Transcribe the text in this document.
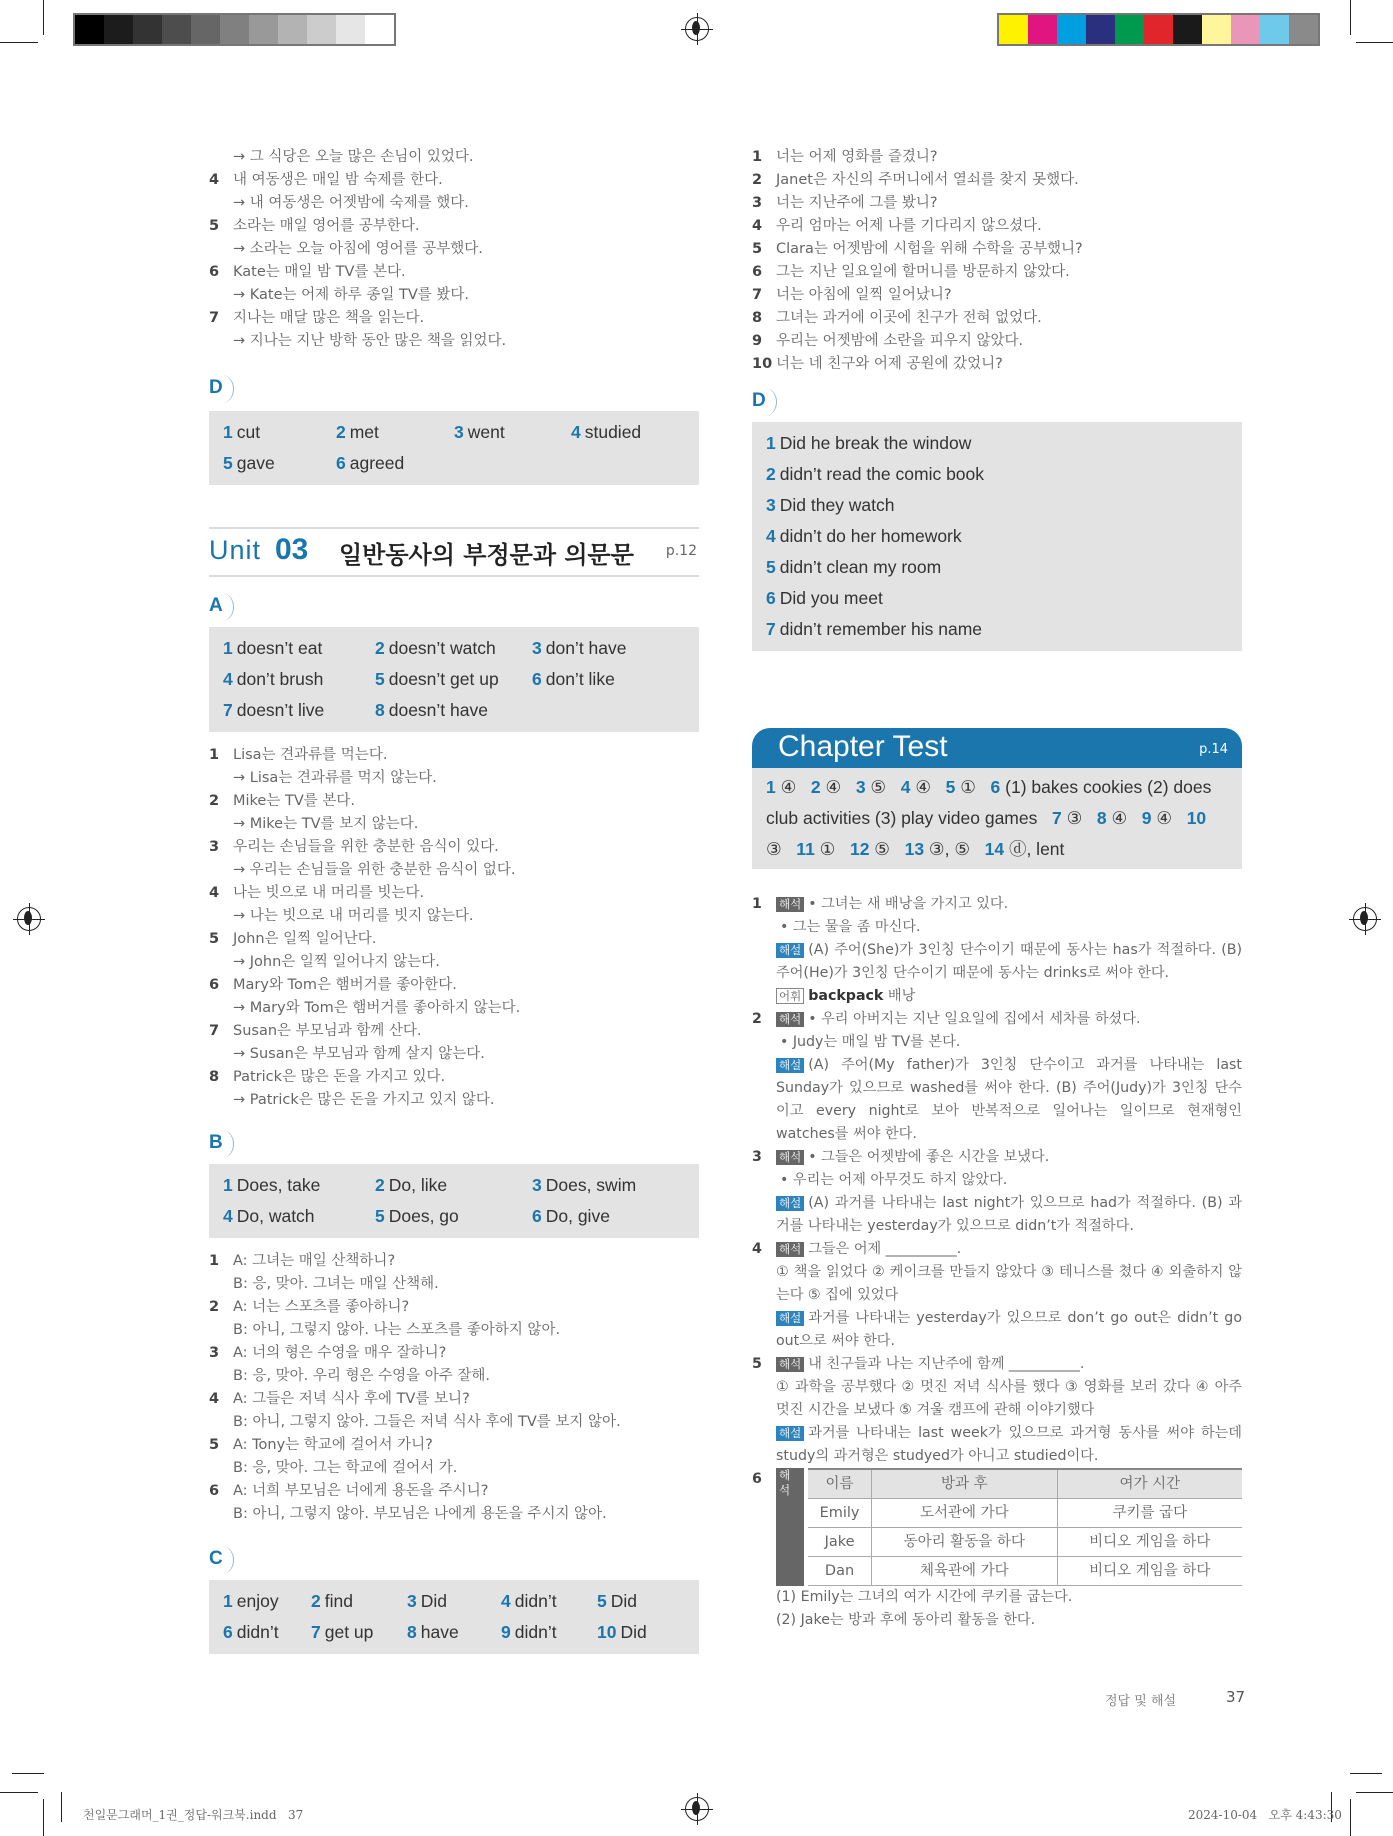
→ 그 식당은 오늘 많은 손님이 있었다.
4 내 여동생은 매일 밤 숙제를 한다.
→ 내 여동생은 어젯밤에 숙제를 했다.
5 소라는 매일 영어를 공부한다.
→ 소라는 오늘 아침에 영어를 공부했다.
6 Kate는 매일 밤 TV를 본다.
→ Kate는 어제 하루 종일 TV를 봤다.
7 지나는 매달 많은 책을 읽는다.
→ 지나는 지난 방학 동안 많은 책을 읽었다.
D
1 cut	2 met	3 went	4 studied
5 gave	6 agreed
Unit 03 일반동사의 부정문과 의문문 p.12
A
1 doesn’t eat	2 doesn’t watch	3 don’t have
4 don’t brush	5 doesn’t get up	6 don’t like
7 doesn’t live	8 doesn’t have
1 Lisa는 견과류를 먹는다.
→ Lisa는 견과류를 먹지 않는다.
2 Mike는 TV를 본다.
→ Mike는 TV를 보지 않는다.
3 우리는 손님들을 위한 충분한 음식이 있다.
→ 우리는 손님들을 위한 충분한 음식이 없다.
4 나는 빗으로 내 머리를 빗는다.
→ 나는 빗으로 내 머리를 빗지 않는다.
5 John은 일찍 일어난다.
→ John은 일찍 일어나지 않는다.
6 Mary와 Tom은 햄버거를 좋아한다.
→ Mary와 Tom은 햄버거를 좋아하지 않는다.
7 Susan은 부모님과 함께 산다.
→ Susan은 부모님과 함께 살지 않는다.
8 Patrick은 많은 돈을 가지고 있다.
→ Patrick은 많은 돈을 가지고 있지 않다.
B
1 Does, take	2 Do, like	3 Does, swim
4 Do, watch	5 Does, go	6 Do, give
1 A: 그녀는 매일 산책하니?
B: 응, 맞아. 그녀는 매일 산책해.
2 A: 너는 스포츠를 좋아하니?
B: 아니, 그렇지 않아. 나는 스포츠를 좋아하지 않아.
3 A: 너의 형은 수영을 매우 잘하니?
B: 응, 맞아. 우리 형은 수영을 아주 잘해.
4 A: 그들은 저녁 식사 후에 TV를 보니?
B: 아니, 그렇지 않아. 그들은 저녁 식사 후에 TV를 보지 않아.
5 A: Tony는 학교에 걸어서 가니?
B: 응, 맞아. 그는 학교에 걸어서 가.
6 A: 너희 부모님은 너에게 용돈을 주시니?
B: 아니, 그렇지 않아. 부모님은 나에게 용돈을 주시지 않아.
C
1 enjoy	2 find	3 Did	4 didn’t	5 Did
6 didn’t	7 get up	8 have	9 didn’t	10 Did
1 너는 어제 영화를 즐겼니?
2 Janet은 자신의 주머니에서 열쇠를 찾지 못했다.
3 너는 지난주에 그를 봤니?
4 우리 엄마는 어제 나를 기다리지 않으셨다.
5 Clara는 어젯밤에 시험을 위해 수학을 공부했니?
6 그는 지난 일요일에 할머니를 방문하지 않았다.
7 너는 아침에 일찍 일어났니?
8 그녀는 과거에 이곳에 친구가 전혀 없었다.
9 우리는 어젯밤에 소란을 피우지 않았다.
10 너는 네 친구와 어제 공원에 갔었니?
D
1 Did he break the window
2 didn’t read the comic book
3 Did they watch
4 didn’t do her homework
5 didn’t clean my room
6 Did you meet
7 didn’t remember his name
Chapter Test	p.14
1 ④ 2 ④ 3 ⑤ 4 ④ 5 ① 6 (1) bakes cookies (2) does club activities (3) play video games 7 ③ 8 ④ 9 ④ 10 ③ 11 ① 12 ⑤ 13 ③, ⑤ 14 ⓓ, lent
1	해석 • 그녀는 새 배낭을 가지고 있다.
• 그는 물을 좀 마신다.
해설 (A) 주어(She)가 3인칭 단수이기 때문에 동사는 has가 적절하다. (B) 주어(He)가 3인칭 단수이기 때문에 동사는 drinks로 써야 한다.
어휘 backpack 배낭
2	해석 • 우리 아버지는 지난 일요일에 집에서 세차를 하셨다.
• Judy는 매일 밤 TV를 본다.
해설 (A) 주어(My father)가 3인칭 단수이고 과거를 나타내는 last Sunday가 있으므로 washed를 써야 한다. (B) 주어(Judy)가 3인칭 단수이고 every night로 보아 반복적으로 일어나는 일이므로 현재형인 watches를 써야 한다.
3	해석 • 그들은 어젯밤에 좋은 시간을 보냈다.
• 우리는 어제 아무것도 하지 않았다.
해설 (A) 과거를 나타내는 last night가 있으므로 had가 적절하다. (B) 과거를 나타내는 yesterday가 있으므로 didn’t가 적절하다.
4	해석 그들은 어제 __________.
① 책을 읽었다 ② 케이크를 만들지 않았다 ③ 테니스를 쳤다 ④ 외출하지 않는다 ⑤ 집에 있었다
해설 과거를 나타내는 yesterday가 있으므로 don’t go out은 didn’t go out으로 써야 한다.
5	해석 내 친구들과 나는 지난주에 함께 __________.
① 과학을 공부했다 ② 멋진 저녁 식사를 했다 ③ 영화를 보러 갔다 ④ 아주 멋진 시간을 보냈다 ⑤ 겨울 캠프에 관해 이야기했다
해설 과거를 나타내는 last week가 있으므로 과거형 동사를 써야 하는데 study의 과거형은 studyed가 아니고 studied이다.
6	해석	이름	방과 후	여가 시간
Emily	도서관에 가다	쿠키를 굽다
Jake	동아리 활동을 하다	비디오 게임을 하다
Dan	체육관에 가다	비디오 게임을 하다
(1) Emily는 그녀의 여가 시간에 쿠키를 굽는다.
(2) Jake는 방과 후에 동아리 활동을 한다.
정답 및 해설	37
천일문그래머_1권_정답-워크북.indd   37	2024-10-04   오후 4:43:30
